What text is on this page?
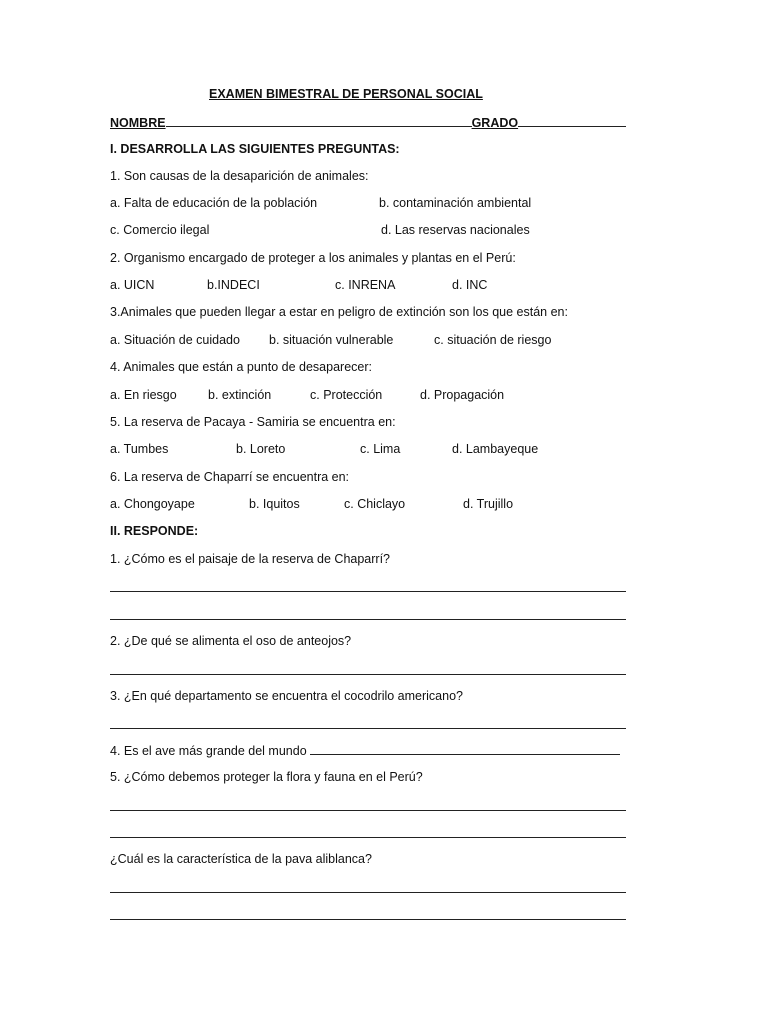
EXAMEN BIMESTRAL DE PERSONAL SOCIAL
NOMBRE	GRADO
I. DESARROLLA LAS SIGUIENTES PREGUNTAS:
1. Son causas de la desaparición de animales:
a. Falta de educación de la población	b. contaminación ambiental
c. Comercio ilegal	d. Las reservas nacionales
2. Organismo encargado de proteger a los animales y plantas en el Perú:
a. UICN	b.INDECI	c. INRENA	d. INC
3.Animales que pueden llegar a estar en peligro de extinción son los que están en:
a. Situación de cuidado b. situación vulnerable	c. situación de riesgo
4. Animales que están a punto de desaparecer:
a. En riesgo	b. extinción	c. Protección	d. Propagación
5. La reserva de Pacaya - Samiria se encuentra en:
a. Tumbes	b. Loreto	c. Lima	d. Lambayeque
6. La reserva de Chaparrí se encuentra en:
a. Chongoyape	b. Iquitos	c. Chiclayo	d. Trujillo
II. RESPONDE:
1. ¿Cómo es el paisaje de la reserva de Chaparrí?
2. ¿De qué se alimenta el oso de anteojos?
3. ¿En qué departamento se encuentra el cocodrilo americano?
4. Es el ave más grande del mundo
5. ¿Cómo debemos proteger la flora y fauna en el Perú?
¿Cuál es la característica de la pava aliblanca?
